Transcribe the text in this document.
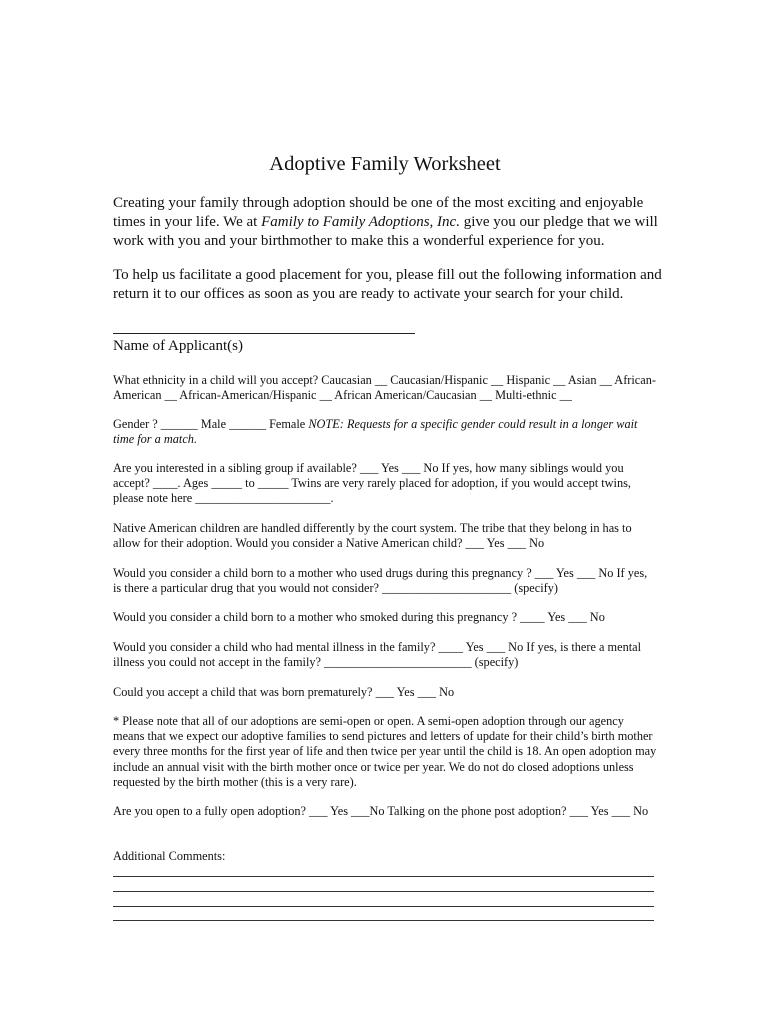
Adoptive Family Worksheet
Creating your family through adoption should be one of the most exciting and enjoyable times in your life. We at Family to Family Adoptions, Inc. give you our pledge that we will work with you and your birthmother to make this a wonderful experience for you.
To help us facilitate a good placement for you, please fill out the following information and return it to our offices as soon as you are ready to activate your search for your child.
Name of Applicant(s)
What ethnicity in a child will you accept? Caucasian __ Caucasian/Hispanic __ Hispanic __ Asian __ African-American __ African-American/Hispanic __ African American/Caucasian __ Multi-ethnic __
Gender ? ______ Male ______ Female NOTE: Requests for a specific gender could result in a longer wait time for a match.
Are you interested in a sibling group if available? ___ Yes ___ No If yes, how many siblings would you accept? ____. Ages _____ to _____ Twins are very rarely placed for adoption, if you would accept twins, please note here ______________________.
Native American children are handled differently by the court system. The tribe that they belong in has to allow for their adoption. Would you consider a Native American child? ___ Yes ___ No
Would you consider a child born to a mother who used drugs during this pregnancy ? ___ Yes ___ No If yes, is there a particular drug that you would not consider? _____________________ (specify)
Would you consider a child born to a mother who smoked during this pregnancy ? ____ Yes ___ No
Would you consider a child who had mental illness in the family? ____ Yes ___ No If yes, is there a mental illness you could not accept in the family? ________________________ (specify)
Could you accept a child that was born prematurely? ___ Yes ___ No
* Please note that all of our adoptions are semi-open or open. A semi-open adoption through our agency means that we expect our adoptive families to send pictures and letters of update for their child’s birth mother every three months for the first year of life and then twice per year until the child is 18. An open adoption may include an annual visit with the birth mother once or twice per year. We do not do closed adoptions unless requested by the birth mother (this is a very rare).
Are you open to a fully open adoption? ___ Yes ___No Talking on the phone post adoption? ___ Yes ___ No
Additional Comments:
